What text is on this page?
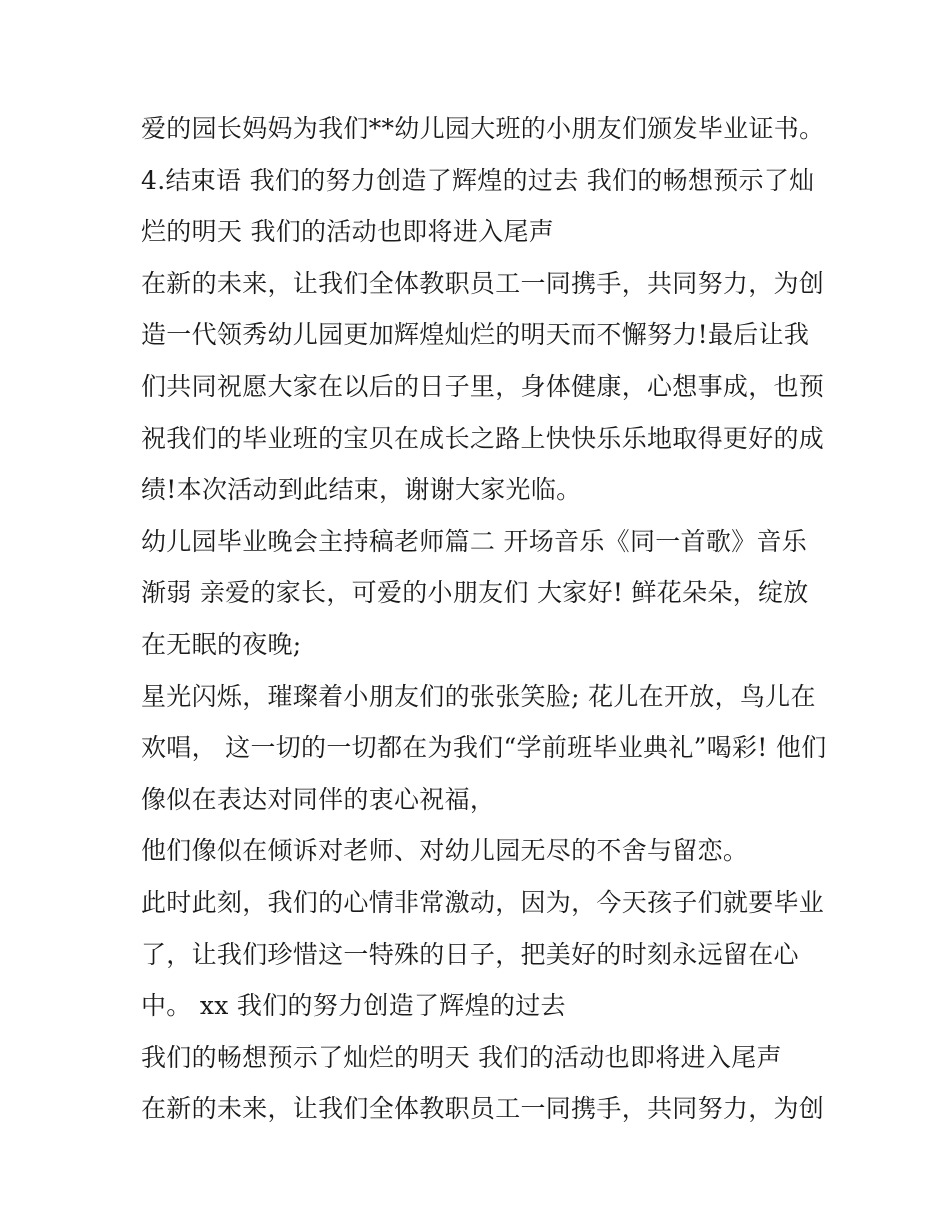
爱的园长妈妈为我们**幼儿园大班的小朋友们颁发毕业证书。
4.结束语 我们的努力创造了辉煌的过去 我们的畅想预示了灿
烂的明天 我们的活动也即将进入尾声
在新的未来，让我们全体教职员工一同携手，共同努力，为创
造一代领秀幼儿园更加辉煌灿烂的明天而不懈努力!最后让我
们共同祝愿大家在以后的日子里，身体健康，心想事成，也预
祝我们的毕业班的宝贝在成长之路上快快乐乐地取得更好的成
绩!本次活动到此结束，谢谢大家光临。
幼儿园毕业晚会主持稿老师篇二 开场音乐《同一首歌》音乐
渐弱 亲爱的家长，可爱的小朋友们 大家好! 鲜花朵朵，绽放
在无眠的夜晚;
星光闪烁，璀璨着小朋友们的张张笑脸; 花儿在开放，鸟儿在
欢唱， 这一切的一切都在为我们“学前班毕业典礼”喝彩! 他们
像似在表达对同伴的衷心祝福，
他们像似在倾诉对老师、对幼儿园无尽的不舍与留恋。
此时此刻，我们的心情非常激动，因为，今天孩子们就要毕业
了，让我们珍惜这一特殊的日子，把美好的时刻永远留在心
中。 xx 我们的努力创造了辉煌的过去
我们的畅想预示了灿烂的明天 我们的活动也即将进入尾声
在新的未来，让我们全体教职员工一同携手，共同努力，为创
